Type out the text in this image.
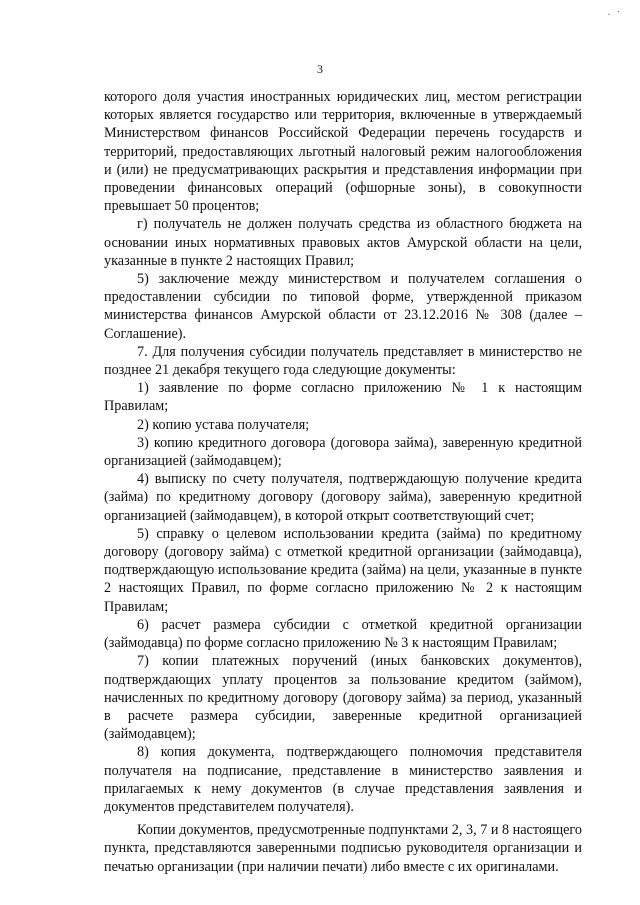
·˙
3

которого доля участия иностранных юридических лиц, местом регистрации которых является государство или территория, включенные в утверждаемый Министерством финансов Российской Федерации перечень государств и территорий, предоставляющих льготный налоговый режим налогообложения и (или) не предусматривающих раскрытия и представления информации при проведении финансовых операций (офшорные зоны), в совокупности превышает 50 процентов;

г) получатель не должен получать средства из областного бюджета на основании иных нормативных правовых актов Амурской области на цели, указанные в пункте 2 настоящих Правил;

5) заключение между министерством и получателем соглашения о предоставлении субсидии по типовой форме, утвержденной приказом министерства финансов Амурской области от 23.12.2016 № 308 (далее – Соглашение).

7. Для получения субсидии получатель представляет в министерство не позднее 21 декабря текущего года следующие документы:

1) заявление по форме согласно приложению № 1 к настоящим Правилам;

2) копию устава получателя;

3) копию кредитного договора (договора займа), заверенную кредитной организацией (займодавцем);

4) выписку по счету получателя, подтверждающую получение кредита (займа) по кредитному договору (договору займа), заверенную кредитной организацией (займодавцем), в которой открыт соответствующий счет;

5) справку о целевом использовании кредита (займа) по кредитному договору (договору займа) с отметкой кредитной организации (займодавца), подтверждающую использование кредита (займа) на цели, указанные в пункте 2 настоящих Правил, по форме согласно приложению № 2 к настоящим Правилам;

6) расчет размера субсидии с отметкой кредитной организации (займодавца) по форме согласно приложению № 3 к настоящим Правилам;

7) копии платежных поручений (иных банковских документов), подтверждающих уплату процентов за пользование кредитом (займом), начисленных по кредитному договору (договору займа) за период, указанный в расчете размера субсидии, заверенные кредитной организацией (займодавцем);

8) копия документа, подтверждающего полномочия представителя получателя на подписание, представление в министерство заявления и прилагаемых к нему документов (в случае представления заявления и документов представителем получателя).

Копии документов, предусмотренные подпунктами 2, 3, 7 и 8 настоящего пункта, представляются заверенными подписью руководителя организации и печатью организации (при наличии печати) либо вместе с их оригиналами.
